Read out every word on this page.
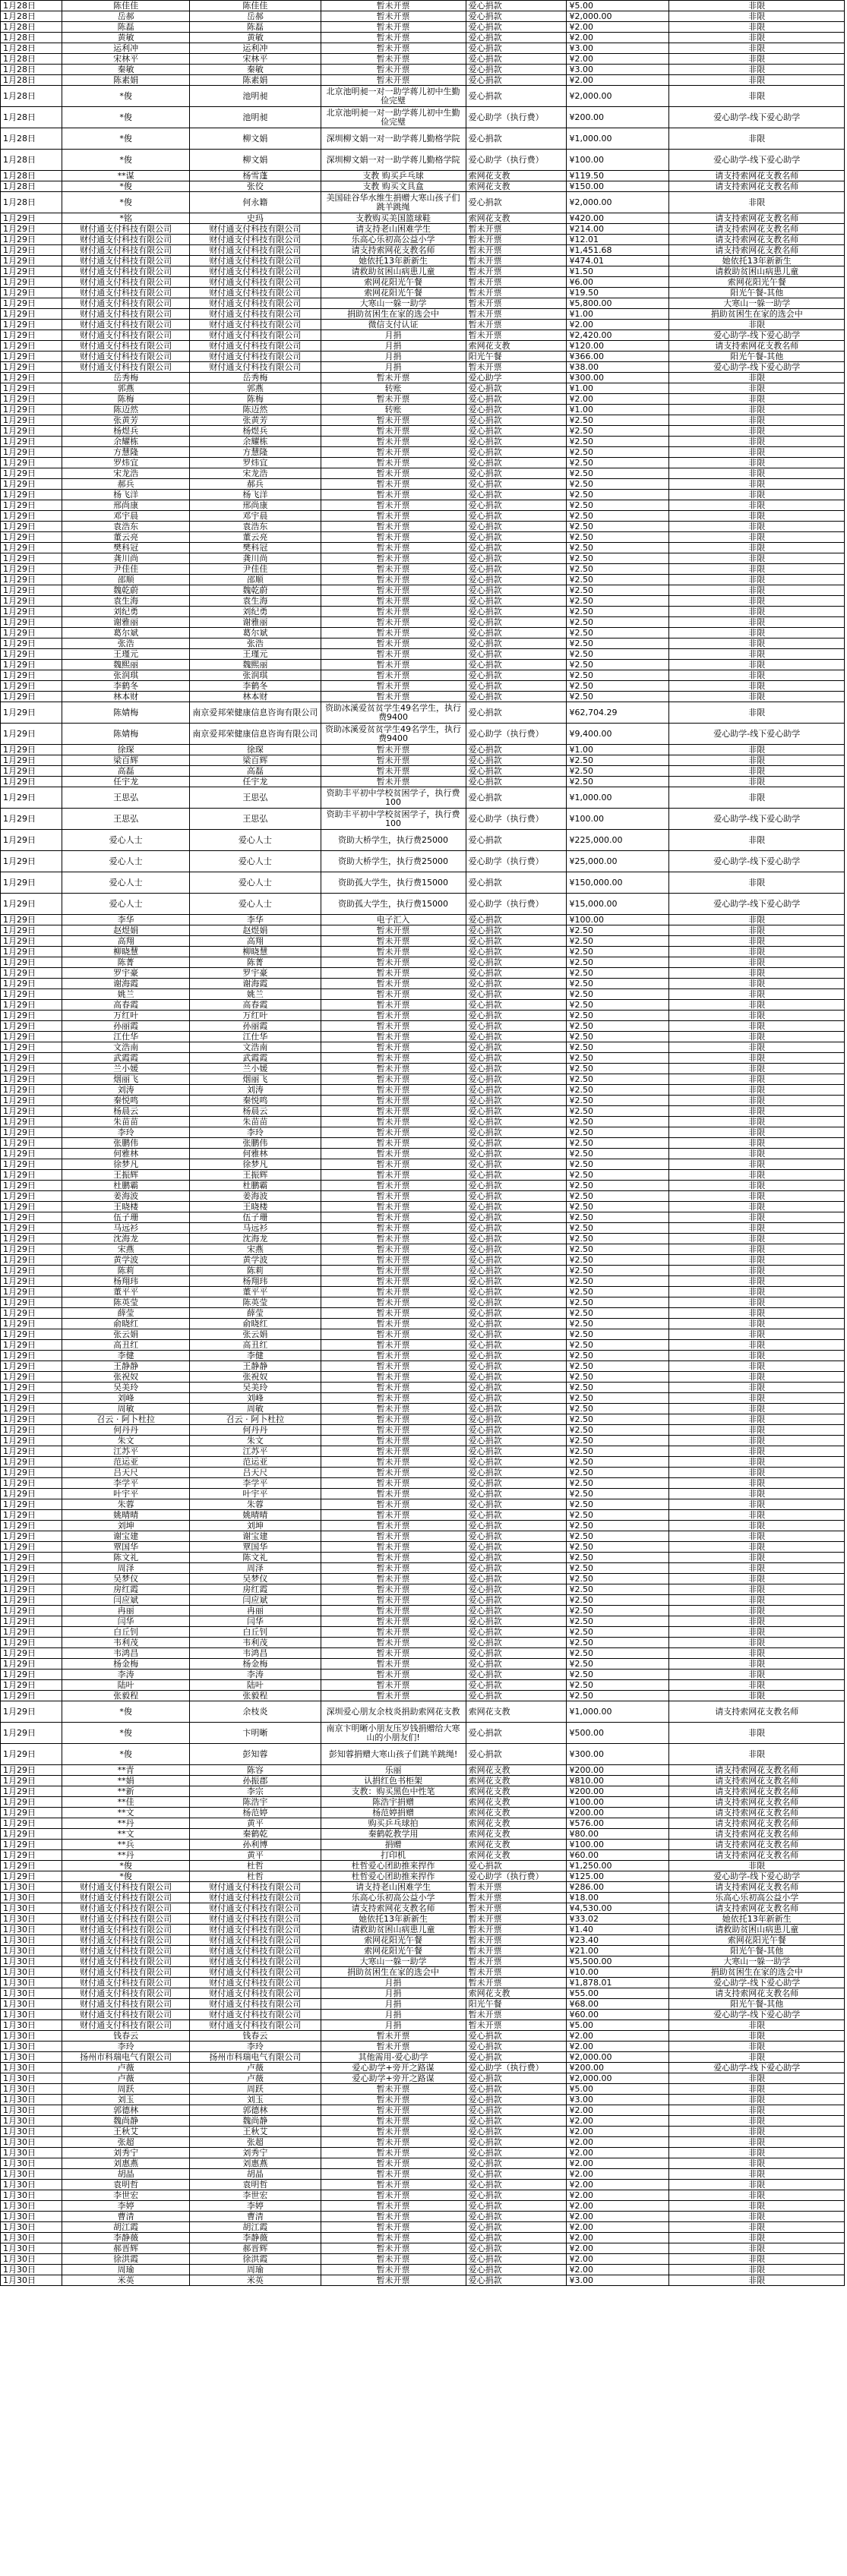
1月28日	陈佳佳	陈佳佳	暂未开票	爱心捐款	¥5.00	非限
1月28日	岳郝	岳郝	暂未开票	爱心捐款	¥2,000.00	非限
1月28日	陈磊	陈磊	暂未开票	爱心捐款	¥2.00	非限
1月28日	黄敏	黄敏	暂未开票	爱心捐款	¥2.00	非限
1月28日	运利冲	运利冲	暂未开票	爱心捐款	¥3.00	非限
1月28日	宋林平	宋林平	暂未开票	爱心捐款	¥2.00	非限
1月28日	秦敏	秦敏	暂未开票	爱心捐款	¥3.00	非限
1月28日	陈素娟	陈素娟	暂未开票	爱心捐款	¥2.00	非限
1月28日	*俊	池明昶	北京池明昶一对一助学蒋儿初中生勤俭完璧	爱心捐款	¥2,000.00	非限
1月28日	*俊	池明昶	北京池明昶一对一助学蒋儿初中生勤俭完璧	爱心助学（执行费）	¥200.00	爱心助学-线下爱心助学
1月28日	*俊	柳文娟	深圳柳文娟一对一助学蒋儿勤格学院	爱心捐款	¥1,000.00	非限
1月28日	*俊	柳文娟	深圳柳文娟一对一助学蒋儿勤格学院	爱心助学（执行费）	¥100.00	爱心助学-线下爱心助学
1月28日	**谋	杨雪蓬	支教 购买乒乓球	索网花支教	¥119.50	请支持索网花支教名师
1月28日	*俊	张佼	支教 购买文具盒	索网花支教	¥150.00	请支持索网花支教名师
1月28日	*俊	何永籍	美国硅谷华水维生捐赠大寒山孩子们跳羊跳绳	爱心捐款	¥2,000.00	非限
1月29日	*铭	史玛	支教购买美国篮球鞋	索网花支教	¥420.00	请支持索网花支教名师
1月29日	财付通支付科技有限公司	财付通支付科技有限公司	请支持老山困难学生	暂未开票	¥214.00	请支持索网花支教名师
1月29日	财付通支付科技有限公司	财付通支付科技有限公司	乐高心乐初高公益小学	暂未开票	¥12.01	请支持索网花支教名师
1月29日	财付通支付科技有限公司	财付通支付科技有限公司	请支持索网花支教名师	暂未开票	¥1,451.68	请支持索网花支教名师
1月29日	财付通支付科技有限公司	财付通支付科技有限公司	她依托13年新新生	暂未开票	¥474.01	她依托13年新新生
1月29日	财付通支付科技有限公司	财付通支付科技有限公司	请救助贫困山病患儿童	暂未开票	¥1.50	请救助贫困山病患儿童
1月29日	财付通支付科技有限公司	财付通支付科技有限公司	索网花阳光午餐	暂未开票	¥6.00	索网花阳光午餐
1月29日	财付通支付科技有限公司	财付通支付科技有限公司	索网花阳光午餐	暂未开票	¥19.50	阳光午餐-其他
1月29日	财付通支付科技有限公司	财付通支付科技有限公司	大寒山一躲一助学	暂未开票	¥5,800.00	大寒山一躲一助学
1月29日	财付通支付科技有限公司	财付通支付科技有限公司	捐助贫困生在家的选会中	暂未开票	¥1.00	捐助贫困生在家的选会中
1月29日	财付通支付科技有限公司	财付通支付科技有限公司	微信支付认证	暂未开票	¥2.00	非限
1月29日	财付通支付科技有限公司	财付通支付科技有限公司	月捐	暂未开票	¥2,420.00	爱心助学-线下爱心助学
1月29日	财付通支付科技有限公司	财付通支付科技有限公司	月捐	索网花支教	¥120.00	请支持索网花支教名师
1月29日	财付通支付科技有限公司	财付通支付科技有限公司	月捐	阳光午餐	¥366.00	阳光午餐-其他
1月29日	财付通支付科技有限公司	财付通支付科技有限公司	月捐	暂未开票	¥38.00	爱心助学-线下爱心助学
1月29日	岳秀梅	岳秀梅	暂未开票	爱心助学	¥300.00	非限
1月29日	郭燕	郭燕	转账	爱心捐款	¥1.00	非限
1月29日	陈梅	陈梅	暂未开票	爱心捐款	¥2.00	非限
1月29日	陈迈然	陈迈然	转账	爱心捐款	¥1.00	非限
1月29日	张黄芳	张黄芳	暂未开票	爱心捐款	¥2.50	非限
1月29日	杨煜兵	杨煜兵	暂未开票	爱心捐款	¥2.50	非限
1月29日	余耀栋	余耀栋	暂未开票	爱心捐款	¥2.50	非限
1月29日	方慧隆	方慧隆	暂未开票	爱心捐款	¥2.50	非限
1月29日	罗炜宜	罗炜宜	暂未开票	爱心捐款	¥2.50	非限
1月29日	宋龙浩	宋龙浩	暂未开票	爱心捐款	¥2.50	非限
1月29日	郝兵	郝兵	暂未开票	爱心捐款	¥2.50	非限
1月29日	杨飞洋	杨飞洋	暂未开票	爱心捐款	¥2.50	非限
1月29日	邢尚康	邢尚康	暂未开票	爱心捐款	¥2.50	非限
1月29日	邓宇晨	邓宇晨	暂未开票	爱心捐款	¥2.50	非限
1月29日	袁浩东	袁浩东	暂未开票	爱心捐款	¥2.50	非限
1月29日	董云亮	董云亮	暂未开票	爱心捐款	¥2.50	非限
1月29日	樊科冠	樊科冠	暂未开票	爱心捐款	¥2.50	非限
1月29日	龚川尚	龚川尚	暂未开票	爱心捐款	¥2.50	非限
1月29日	尹佳佳	尹佳佳	暂未开票	爱心捐款	¥2.50	非限
1月29日	邵顺	邵顺	暂未开票	爱心捐款	¥2.50	非限
1月29日	魏乾蔚	魏乾蔚	暂未开票	爱心捐款	¥2.50	非限
1月29日	袁生海	袁生海	暂未开票	爱心捐款	¥2.50	非限
1月29日	刘纪勇	刘纪勇	暂未开票	爱心捐款	¥2.50	非限
1月29日	谢雅丽	谢雅丽	暂未开票	爱心捐款	¥2.50	非限
1月29日	葛尔斌	葛尔斌	暂未开票	爱心捐款	¥2.50	非限
1月29日	张浩	张浩	暂未开票	爱心捐款	¥2.50	非限
1月29日	王瑾元	王瑾元	暂未开票	爱心捐款	¥2.50	非限
1月29日	魏熙丽	魏熙丽	暂未开票	爱心捐款	¥2.50	非限
1月29日	张润琪	张润琪	暂未开票	爱心捐款	¥2.50	非限
1月29日	李鹤冬	李鹤冬	暂未开票	爱心捐款	¥2.50	非限
1月29日	林本财	林本财	暂未开票	爱心捐款	¥2.50	非限
1月29日	陈婧梅	南京爱邦荣健康信息咨询有限公司	资助冰溪爱贫贫学生49名学生，执行费9400	爱心捐款	¥62,704.29	非限
1月29日	陈婧梅	南京爱邦荣健康信息咨询有限公司	资助冰溪爱贫贫学生49名学生，执行费9400	爱心助学（执行费）	¥9,400.00	爱心助学-线下爱心助学
1月29日	徐琛	徐琛	暂未开票	爱心捐款	¥1.00	非限
1月29日	梁百辉	梁百辉	暂未开票	爱心捐款	¥2.50	非限
1月29日	高磊	高磊	暂未开票	爱心捐款	¥2.50	非限
1月29日	任宇龙	任宇龙	暂未开票	爱心捐款	¥2.50	非限
1月29日	王思弘	王思弘	资助丰平初中学校贫困学子，执行费100	爱心捐款	¥1,000.00	非限
1月29日	王思弘	王思弘	资助丰平初中学校贫困学子，执行费100	爱心助学（执行费）	¥100.00	爱心助学-线下爱心助学
1月29日	爱心人士	爱心人士	资助大桥学生，执行费25000	爱心捐款	¥225,000.00	非限
1月29日	爱心人士	爱心人士	资助大桥学生，执行费25000	爱心助学（执行费）	¥25,000.00	爱心助学-线下爱心助学
1月29日	爱心人士	爱心人士	资助孤大学生，执行费15000	爱心捐款	¥150,000.00	非限
1月29日	爱心人士	爱心人士	资助孤大学生，执行费15000	爱心助学（执行费）	¥15,000.00	爱心助学-线下爱心助学
1月29日	李华	李华	电子汇入	爱心捐款	¥100.00	非限
1月29日	赵煜娟	赵煜娟	暂未开票	爱心捐款	¥2.50	非限
1月29日	高翔	高翔	暂未开票	爱心捐款	¥2.50	非限
1月29日	柳晓慧	柳晓慧	暂未开票	爱心捐款	¥2.50	非限
1月29日	陈菁	陈菁	暂未开票	爱心捐款	¥2.50	非限
1月29日	罗宇豪	罗宇豪	暂未开票	爱心捐款	¥2.50	非限
1月29日	谢海霞	谢海霞	暂未开票	爱心捐款	¥2.50	非限
1月29日	姚兰	姚兰	暂未开票	爱心捐款	¥2.50	非限
1月29日	高春霞	高春霞	暂未开票	爱心捐款	¥2.50	非限
1月29日	万红叶	万红叶	暂未开票	爱心捐款	¥2.50	非限
1月29日	孙丽霞	孙丽霞	暂未开票	爱心捐款	¥2.50	非限
1月29日	江仕华	江仕华	暂未开票	爱心捐款	¥2.50	非限
1月29日	文浩南	文浩南	暂未开票	爱心捐款	¥2.50	非限
1月29日	武霞霞	武霞霞	暂未开票	爱心捐款	¥2.50	非限
1月29日	兰小媛	兰小媛	暂未开票	爱心捐款	¥2.50	非限
1月29日	烟丽飞	烟丽飞	暂未开票	爱心捐款	¥2.50	非限
1月29日	刘涛	刘涛	暂未开票	爱心捐款	¥2.50	非限
1月29日	秦悦鸣	秦悦鸣	暂未开票	爱心捐款	¥2.50	非限
1月29日	杨晨云	杨晨云	暂未开票	爱心捐款	¥2.50	非限
1月29日	朱苗苗	朱苗苗	暂未开票	爱心捐款	¥2.50	非限
1月29日	李玲	李玲	暂未开票	爱心捐款	¥2.50	非限
1月29日	张鹏伟	张鹏伟	暂未开票	爱心捐款	¥2.50	非限
1月29日	何雅林	何雅林	暂未开票	爱心捐款	¥2.50	非限
1月29日	徐梦凡	徐梦凡	暂未开票	爱心捐款	¥2.50	非限
1月29日	王振辉	王振辉	暂未开票	爱心捐款	¥2.50	非限
1月29日	杜鹏霸	杜鹏霸	暂未开票	爱心捐款	¥2.50	非限
1月29日	姜海波	姜海波	暂未开票	爱心捐款	¥2.50	非限
1月29日	王晓楼	王晓楼	暂未开票	爱心捐款	¥2.50	非限
1月29日	伍子珊	伍子珊	暂未开票	爱心捐款	¥2.50	非限
1月29日	马远衫	马远衫	暂未开票	爱心捐款	¥2.50	非限
1月29日	沈海龙	沈海龙	暂未开票	爱心捐款	¥2.50	非限
1月29日	宋燕	宋燕	暂未开票	爱心捐款	¥2.50	非限
1月29日	黄学波	黄学波	暂未开票	爱心捐款	¥2.50	非限
1月29日	陈莉	陈莉	暂未开票	爱心捐款	¥2.50	非限
1月29日	杨翔玮	杨翔玮	暂未开票	爱心捐款	¥2.50	非限
1月29日	董平平	董平平	暂未开票	爱心捐款	¥2.50	非限
1月29日	陈英莹	陈英莹	暂未开票	爱心捐款	¥2.50	非限
1月29日	薛莹	薛莹	暂未开票	爱心捐款	¥2.50	非限
1月29日	俞晓红	俞晓红	暂未开票	爱心捐款	¥2.50	非限
1月29日	张云娟	张云娟	暂未开票	爱心捐款	¥2.50	非限
1月29日	高丑红	高丑红	暂未开票	爱心捐款	¥2.50	非限
1月29日	李健	李健	暂未开票	爱心捐款	¥2.50	非限
1月29日	王静静	王静静	暂未开票	爱心捐款	¥2.50	非限
1月29日	张祝奴	张祝奴	暂未开票	爱心捐款	¥2.50	非限
1月29日	吴美玲	吴美玲	暂未开票	爱心捐款	¥2.50	非限
1月29日	刘峰	刘峰	暂未开票	爱心捐款	¥2.50	非限
1月29日	周敏	周敏	暂未开票	爱心捐款	¥2.50	非限
1月29日	召云 · 阿卜杜拉	召云 · 阿卜杜拉	暂未开票	爱心捐款	¥2.50	非限
1月29日	何丹丹	何丹丹	暂未开票	爱心捐款	¥2.50	非限
1月29日	朱文	朱文	暂未开票	爱心捐款	¥2.50	非限
1月29日	江苏平	江苏平	暂未开票	爱心捐款	¥2.50	非限
1月29日	范运亚	范运亚	暂未开票	爱心捐款	¥2.50	非限
1月29日	吕天尺	吕天尺	暂未开票	爱心捐款	¥2.50	非限
1月29日	李学平	李学平	暂未开票	爱心捐款	¥2.50	非限
1月29日	叶宇平	叶宇平	暂未开票	爱心捐款	¥2.50	非限
1月29日	朱蓉	朱蓉	暂未开票	爱心捐款	¥2.50	非限
1月29日	姚晴晴	姚晴晴	暂未开票	爱心捐款	¥2.50	非限
1月29日	刘坤	刘坤	暂未开票	爱心捐款	¥2.50	非限
1月29日	谢宝建	谢宝建	暂未开票	爱心捐款	¥2.50	非限
1月29日	覃国华	覃国华	暂未开票	爱心捐款	¥2.50	非限
1月29日	陈文礼	陈文礼	暂未开票	爱心捐款	¥2.50	非限
1月29日	周泽	周泽	暂未开票	爱心捐款	¥2.50	非限
1月29日	吴梦仪	吴梦仪	暂未开票	爱心捐款	¥2.50	非限
1月29日	房红霞	房红霞	暂未开票	爱心捐款	¥2.50	非限
1月29日	闫应斌	闫应斌	暂未开票	爱心捐款	¥2.50	非限
1月29日	冉丽	冉丽	暂未开票	爱心捐款	¥2.50	非限
1月29日	闫华	闫华	暂未开票	爱心捐款	¥2.50	非限
1月29日	白丘钊	白丘钊	暂未开票	爱心捐款	¥2.50	非限
1月29日	韦利茂	韦利茂	暂未开票	爱心捐款	¥2.50	非限
1月29日	韦鸿昌	韦鸿昌	暂未开票	爱心捐款	¥2.50	非限
1月29日	杨金梅	杨金梅	暂未开票	爱心捐款	¥2.50	非限
1月29日	李涛	李涛	暂未开票	爱心捐款	¥2.50	非限
1月29日	陆叶	陆叶	暂未开票	爱心捐款	¥2.50	非限
1月29日	张毅程	张毅程	暂未开票	爱心捐款	¥2.50	非限
1月29日	*俊	余枝炎	深圳爱心朋友余枝炎捐助索网花支教	索网花支教	¥1,000.00	请支持索网花支教名师
1月29日	*俊	卞明晰	南京卞明晰小朋友压岁钱捐赠给大寒山的小朋友们!	爱心捐款	¥500.00	非限
1月29日	*俊	彭知蓉	彭知蓉捐赠大寒山孩子们跳羊跳绳!	爱心捐款	¥300.00	非限
1月29日	**青	陈容	乐丽	索网花支教	¥200.00	请支持索网花支教名师
1月29日	**娟	孙振郡	认捐红色书柜架	索网花支教	¥810.00	请支持索网花支教名师
1月29日	**新	李宗	支教：购买黑色中性笔	索网花支教	¥200.00	请支持索网花支教名师
1月29日	**佳	陈浩宇	陈浩宇捐赠	索网花支教	¥100.00	请支持索网花支教名师
1月29日	**文	杨范婷	杨范婷捐赠	索网花支教	¥200.00	请支持索网花支教名师
1月29日	**丹	黄平	购买乒乓球拍	索网花支教	¥576.00	请支持索网花支教名师
1月29日	**文	秦鹤乾	秦鹤乾教学用	索网花支教	¥80.00	请支持索网花支教名师
1月29日	**兵	孙利博	捐赠	索网花支教	¥100.00	请支持索网花支教名师
1月29日	**丹	黄平	打印机	索网花支教	¥60.00	请支持索网花支教名师
1月29日	*俊	杜哲	杜哲爱心团助推来捍作	爱心捐款	¥1,250.00	非限
1月29日	*俊	杜哲	杜哲爱心团助推来捍作	爱心助学（执行费）	¥125.00	爱心助学-线下爱心助学
1月30日	财付通支付科技有限公司	财付通支付科技有限公司	请支持老山困难学生	暂未开票	¥286.00	请支持索网花支教名师
1月30日	财付通支付科技有限公司	财付通支付科技有限公司	乐高心乐初高公益小学	暂未开票	¥18.00	乐高心乐初高公益小学
1月30日	财付通支付科技有限公司	财付通支付科技有限公司	请支持索网花支教名师	暂未开票	¥4,530.00	请支持索网花支教名师
1月30日	财付通支付科技有限公司	财付通支付科技有限公司	她依托13年新新生	暂未开票	¥33.02	她依托13年新新生
1月30日	财付通支付科技有限公司	财付通支付科技有限公司	请救助贫困山病患儿童	暂未开票	¥1.40	请救助贫困山病患儿童
1月30日	财付通支付科技有限公司	财付通支付科技有限公司	索网花阳光午餐	暂未开票	¥23.40	索网花阳光午餐
1月30日	财付通支付科技有限公司	财付通支付科技有限公司	索网花阳光午餐	暂未开票	¥21.00	阳光午餐-其他
1月30日	财付通支付科技有限公司	财付通支付科技有限公司	大寒山一躲一助学	暂未开票	¥5,500.00	大寒山一躲一助学
1月30日	财付通支付科技有限公司	财付通支付科技有限公司	捐助贫困生在家的选会中	暂未开票	¥10.00	捐助贫困生在家的选会中
1月30日	财付通支付科技有限公司	财付通支付科技有限公司	月捐	暂未开票	¥1,878.01	爱心助学-线下爱心助学
1月30日	财付通支付科技有限公司	财付通支付科技有限公司	月捐	索网花支教	¥55.00	请支持索网花支教名师
1月30日	财付通支付科技有限公司	财付通支付科技有限公司	月捐	阳光午餐	¥68.00	阳光午餐-其他
1月30日	财付通支付科技有限公司	财付通支付科技有限公司	月捐	暂未开票	¥60.00	爱心助学-线下爱心助学
1月30日	财付通支付科技有限公司	财付通支付科技有限公司	月捐	暂未开票	¥5.00	非限
1月30日	钱春云	钱春云	暂未开票	爱心捐款	¥2.00	非限
1月30日	李玲	李玲	暂未开票	爱心捐款	¥2.00	非限
1月30日	扬州市科瑞电气有限公司	扬州市科瑞电气有限公司	其他需用-爱心助学	爱心捐款	¥2,000.00	非限
1月30日	卢薇	卢薇	爱心助学+旁开之路谋	爱心助学（执行费）	¥200.00	爱心助学-线下爱心助学
1月30日	卢薇	卢薇	爱心助学+旁开之路谋	爱心捐款	¥2,000.00	非限
1月30日	周跃	周跃	暂未开票	爱心捐款	¥5.00	非限
1月30日	刘玉	刘玉	暂未开票	爱心捐款	¥3.00	非限
1月30日	郭德林	郭德林	暂未开票	爱心捐款	¥2.00	非限
1月30日	魏尚静	魏尚静	暂未开票	爱心捐款	¥2.00	非限
1月30日	王秋艾	王秋艾	暂未开票	爱心捐款	¥2.00	非限
1月30日	张超	张超	暂未开票	爱心捐款	¥2.00	非限
1月30日	刘秀宁	刘秀宁	暂未开票	爱心捐款	¥2.00	非限
1月30日	刘惠燕	刘惠燕	暂未开票	爱心捐款	¥2.00	非限
1月30日	胡晶	胡晶	暂未开票	爱心捐款	¥2.00	非限
1月30日	袁明哲	袁明哲	暂未开票	爱心捐款	¥2.00	非限
1月30日	李世宏	李世宏	暂未开票	爱心捐款	¥2.00	非限
1月30日	李婷	李婷	暂未开票	爱心捐款	¥2.00	非限
1月30日	曹清	曹清	暂未开票	爱心捐款	¥2.00	非限
1月30日	胡江霞	胡江霞	暂未开票	爱心捐款	¥2.00	非限
1月30日	李静薇	李静薇	暂未开票	爱心捐款	¥2.00	非限
1月30日	郝晋辉	郝晋辉	暂未开票	爱心捐款	¥2.00	非限
1月30日	徐洪霞	徐洪霞	暂未开票	爱心捐款	¥2.00	非限
1月30日	周瑜	周瑜	暂未开票	爱心捐款	¥2.00	非限
1月30日	米英	米英	暂未开票	爱心捐款	¥3.00	非限
